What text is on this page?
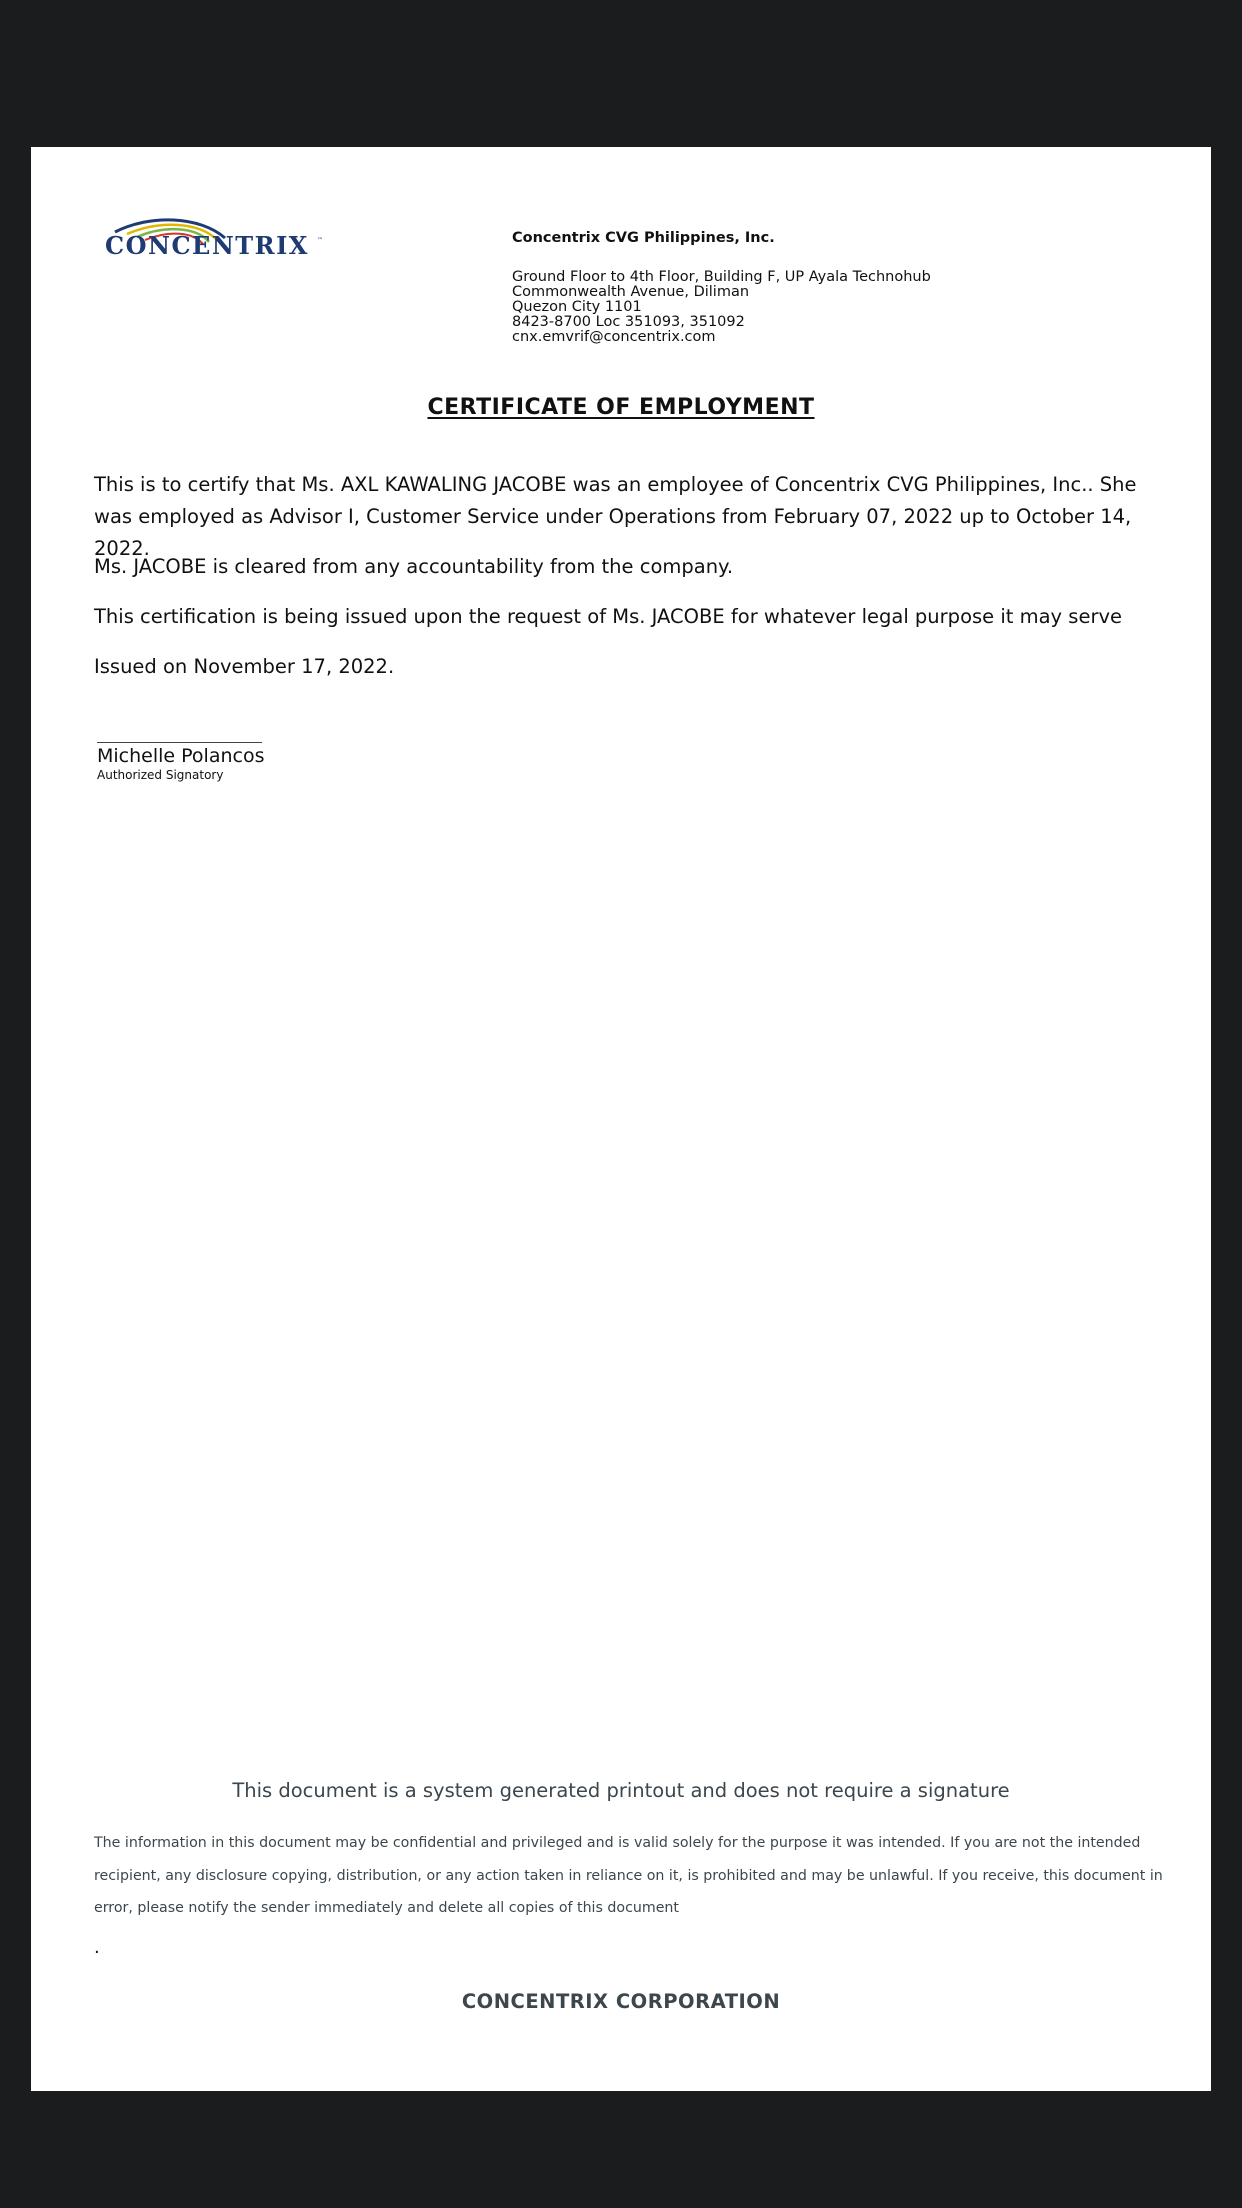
CONCENTRIX ™	Concentrix CVG Philippines, Inc.
Ground Floor to 4th Floor, Building F, UP Ayala Technohub
Commonwealth Avenue, Diliman
Quezon City 1101
8423-8700 Loc 351093, 351092
cnx.emvrif@concentrix.com
CERTIFICATE OF EMPLOYMENT
This is to certify that Ms. AXL KAWALING JACOBE was an employee of Concentrix CVG Philippines, Inc.. She was employed as Advisor I, Customer Service under Operations from February 07, 2022 up to October 14, 2022.
Ms. JACOBE is cleared from any accountability from the company.
This certification is being issued upon the request of Ms. JACOBE for whatever legal purpose it may serve
Issued on November 17, 2022.
Michelle Polancos
Authorized Signatory
This document is a system generated printout and does not require a signature
The information in this document may be confidential and privileged and is valid solely for the purpose it was intended. If you are not the intended recipient, any disclosure copying, distribution, or any action taken in reliance on it, is prohibited and may be unlawful. If you receive, this document in error, please notify the sender immediately and delete all copies of this document
.
CONCENTRIX CORPORATION
